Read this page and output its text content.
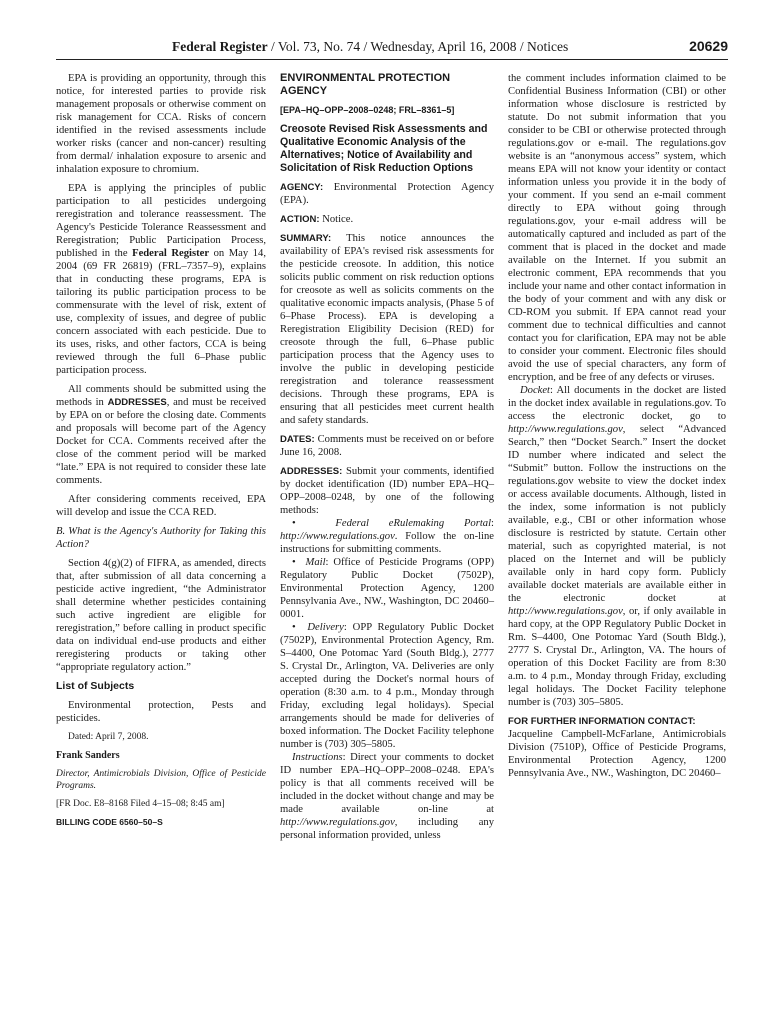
Federal Register / Vol. 73, No. 74 / Wednesday, April 16, 2008 / Notices	20629

EPA is providing an opportunity, through this notice, for interested parties to provide risk management proposals or otherwise comment on risk management for CCA. Risks of concern identified in the revised assessments include worker risks (cancer and non-cancer) resulting from dermal/ inhalation exposure to arsenic and inhalation exposure to chromium.

EPA is applying the principles of public participation to all pesticides undergoing reregistration and tolerance reassessment. The Agency's Pesticide Tolerance Reassessment and Reregistration; Public Participation Process, published in the Federal Register on May 14, 2004 (69 FR 26819) (FRL–7357–9), explains that in conducting these programs, EPA is tailoring its public participation process to be commensurate with the level of risk, extent of use, complexity of issues, and degree of public concern associated with each pesticide. Due to its uses, risks, and other factors, CCA is being reviewed through the full 6–Phase public participation process.

All comments should be submitted using the methods in ADDRESSES, and must be received by EPA on or before the closing date. Comments and proposals will become part of the Agency Docket for CCA. Comments received after the close of the comment period will be marked “late.” EPA is not required to consider these late comments.

After considering comments received, EPA will develop and issue the CCA RED.

B. What is the Agency's Authority for Taking this Action?

Section 4(g)(2) of FIFRA, as amended, directs that, after submission of all data concerning a pesticide active ingredient, “the Administrator shall determine whether pesticides containing such active ingredient are eligible for reregistration,” before calling in product specific data on individual end-use products and either reregistering products or taking other “appropriate regulatory action.”

List of Subjects

Environmental protection, Pests and pesticides.

Dated: April 7, 2008.

Frank Sanders

Director, Antimicrobials Division, Office of Pesticide Programs.

[FR Doc. E8–8168 Filed 4–15–08; 8:45 am]

BILLING CODE 6560–50–S

ENVIRONMENTAL PROTECTION AGENCY

[EPA–HQ–OPP–2008–0248; FRL–8361–5]

Creosote Revised Risk Assessments and Qualitative Economic Analysis of the Alternatives; Notice of Availability and Solicitation of Risk Reduction Options

AGENCY: Environmental Protection Agency (EPA).

ACTION: Notice.

SUMMARY: This notice announces the availability of EPA's revised risk assessments for the pesticide creosote. In addition, this notice solicits public comment on risk reduction options for creosote as well as solicits comments on the qualitative economic impacts analysis, (Phase 5 of 6–Phase Process). EPA is developing a Reregistration Eligibility Decision (RED) for creosote through the full, 6–Phase public participation process that the Agency uses to involve the public in developing pesticide reregistration and tolerance reassessment decisions. Through these programs, EPA is ensuring that all pesticides meet current health and safety standards.

DATES: Comments must be received on or before June 16, 2008.

ADDRESSES: Submit your comments, identified by docket identification (ID) number EPA–HQ–OPP–2008–0248, by one of the following methods:

•  Federal eRulemaking Portal: http://www.regulations.gov. Follow the on-line instructions for submitting comments.

•  Mail: Office of Pesticide Programs (OPP) Regulatory Public Docket (7502P), Environmental Protection Agency, 1200 Pennsylvania Ave., NW., Washington, DC 20460–0001.

•  Delivery: OPP Regulatory Public Docket (7502P), Environmental Protection Agency, Rm. S–4400, One Potomac Yard (South Bldg.), 2777 S. Crystal Dr., Arlington, VA. Deliveries are only accepted during the Docket's normal hours of operation (8:30 a.m. to 4 p.m., Monday through Friday, excluding legal holidays). Special arrangements should be made for deliveries of boxed information. The Docket Facility telephone number is (703) 305–5805.

Instructions: Direct your comments to docket ID number EPA–HQ–OPP–2008–0248. EPA's policy is that all comments received will be included in the docket without change and may be made available on-line at http://www.regulations.gov, including any personal information provided, unless

the comment includes information claimed to be Confidential Business Information (CBI) or other information whose disclosure is restricted by statute. Do not submit information that you consider to be CBI or otherwise protected through regulations.gov or e-mail. The regulations.gov website is an “anonymous access” system, which means EPA will not know your identity or contact information unless you provide it in the body of your comment. If you send an e-mail comment directly to EPA without going through regulations.gov, your e-mail address will be automatically captured and included as part of the comment that is placed in the docket and made available on the Internet. If you submit an electronic comment, EPA recommends that you include your name and other contact information in the body of your comment and with any disk or CD-ROM you submit. If EPA cannot read your comment due to technical difficulties and cannot contact you for clarification, EPA may not be able to consider your comment. Electronic files should avoid the use of special characters, any form of encryption, and be free of any defects or viruses.

Docket: All documents in the docket are listed in the docket index available in regulations.gov. To access the electronic docket, go to http://www.regulations.gov, select “Advanced Search,” then “Docket Search.” Insert the docket ID number where indicated and select the “Submit” button. Follow the instructions on the regulations.gov website to view the docket index or access available documents. Although, listed in the index, some information is not publicly available, e.g., CBI or other information whose disclosure is restricted by statute. Certain other material, such as copyrighted material, is not placed on the Internet and will be publicly available only in hard copy form. Publicly available docket materials are available either in the electronic docket at http://www.regulations.gov, or, if only available in hard copy, at the OPP Regulatory Public Docket in Rm. S–4400, One Potomac Yard (South Bldg.), 2777 S. Crystal Dr., Arlington, VA. The hours of operation of this Docket Facility are from 8:30 a.m. to 4 p.m., Monday through Friday, excluding legal holidays. The Docket Facility telephone number is (703) 305–5805.

FOR FURTHER INFORMATION CONTACT:

Jacqueline Campbell-McFarlane, Antimicrobials Division (7510P), Office of Pesticide Programs, Environmental Protection Agency, 1200 Pennsylvania Ave., NW., Washington, DC 20460–
